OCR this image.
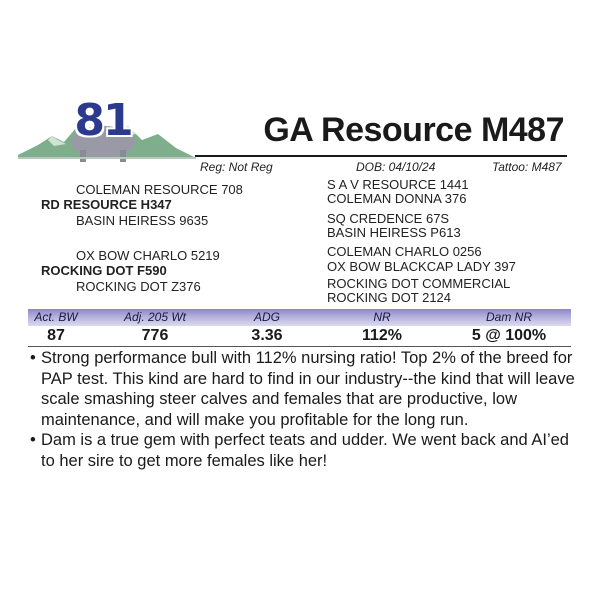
81	GA Resource M487
Reg: Not Reg	DOB: 04/10/24	Tattoo: M487
COLEMAN RESOURCE 708
RD RESOURCE H347
BASIN HEIRESS 9635
OX BOW CHARLO 5219
ROCKING DOT F590
ROCKING DOT Z376
S A V RESOURCE 1441
COLEMAN DONNA 376
SQ CREDENCE 67S
BASIN HEIRESS P613
COLEMAN CHARLO 0256
OX BOW BLACKCAP LADY 397
ROCKING DOT COMMERCIAL
ROCKING DOT 2124
Act. BW	Adj. 205 Wt	ADG	NR	Dam NR
87	776	3.36	112%	5 @ 100%

• Strong performance bull with 112% nursing ratio! Top 2% of the breed for PAP test. This kind are hard to find in our industry--the kind that will leave scale smashing steer calves and females that are productive, low maintenance, and will make you profitable for the long run.

• Dam is a true gem with perfect teats and udder. We went back and AI’ed to her sire to get more females like her!
